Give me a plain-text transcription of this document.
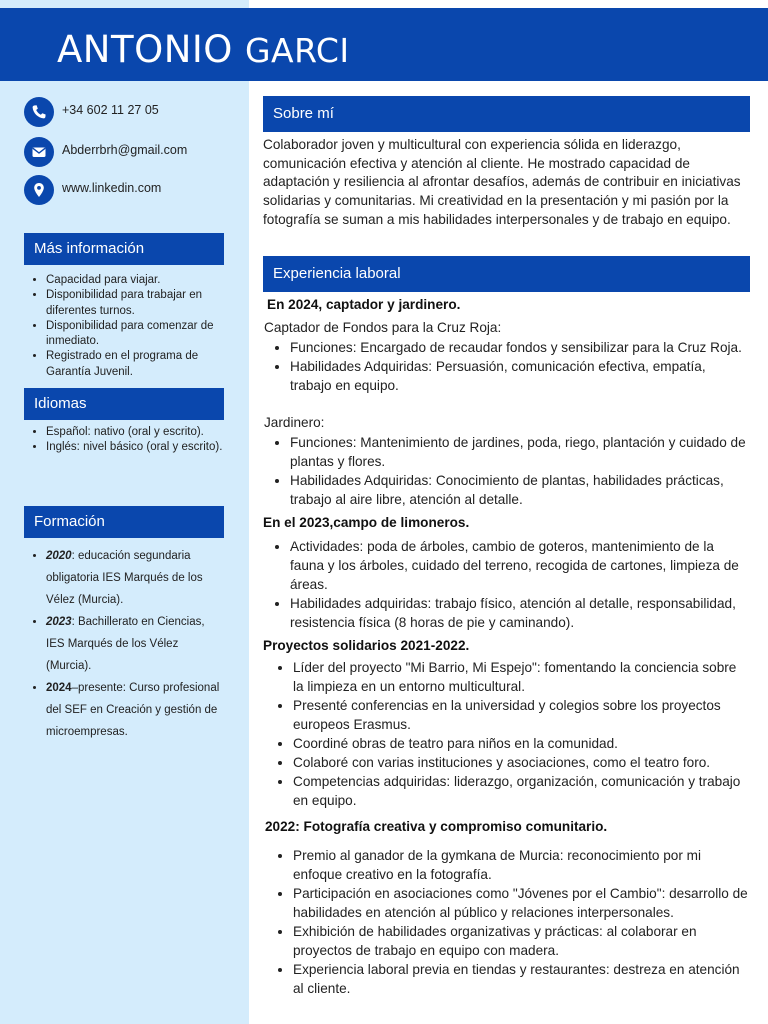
ANTONIO GARCI
+34 602 11 27 05
Abderrbrh@gmail.com
www.linkedin.com
Más información
• Capacidad para viajar.
• Disponibilidad para trabajar en diferentes turnos.
• Disponibilidad para comenzar de inmediato.
• Registrado en el programa de Garantía Juvenil.
Idiomas
• Español: nativo (oral y escrito).
• Inglés: nivel básico (oral y escrito).
Formación
• 2020: educación segundaria obligatoria IES Marqués de los Vélez (Murcia).
• 2023: Bachillerato en Ciencias, IES Marqués de los Vélez (Murcia).
• 2024–presente: Curso profesional del SEF en Creación y gestión de microempresas.
Sobre mí

Colaborador joven y multicultural con experiencia sólida en liderazgo, comunicación efectiva y atención al cliente. He mostrado capacidad de adaptación y resiliencia al afrontar desafíos, además de contribuir en iniciativas solidarias y comunitarias. Mi creatividad en la presentación y mi pasión por la fotografía se suman a mis habilidades interpersonales y de trabajo en equipo.

Experiencia laboral

En 2024, captador y jardinero.

Captador de Fondos para la Cruz Roja:

• Funciones: Encargado de recaudar fondos y sensibilizar para la Cruz Roja.
• Habilidades Adquiridas: Persuasión, comunicación efectiva, empatía, trabajo en equipo.

Jardinero:

• Funciones: Mantenimiento de jardines, poda, riego, plantación y cuidado de plantas y flores.
• Habilidades Adquiridas: Conocimiento de plantas, habilidades prácticas, trabajo al aire libre, atención al detalle.

En el 2023,campo de limoneros.

• Actividades: poda de árboles, cambio de goteros, mantenimiento de la fauna y los árboles, cuidado del terreno, recogida de cartones, limpieza de áreas.
• Habilidades adquiridas: trabajo físico, atención al detalle, responsabilidad, resistencia física (8 horas de pie y caminando).

Proyectos solidarios 2021-2022.

• Líder del proyecto "Mi Barrio, Mi Espejo": fomentando la conciencia sobre la limpieza en un entorno multicultural.
• Presenté conferencias en la universidad y colegios sobre los proyectos europeos Erasmus.
• Coordiné obras de teatro para niños en la comunidad.
• Colaboré con varias instituciones y asociaciones, como el teatro foro.
• Competencias adquiridas: liderazgo, organización, comunicación y trabajo en equipo.

2022: Fotografía creativa y compromiso comunitario.

• Premio al ganador de la gymkana de Murcia: reconocimiento por mi enfoque creativo en la fotografía.
• Participación en asociaciones como "Jóvenes por el Cambio": desarrollo de habilidades en atención al público y relaciones interpersonales.
• Exhibición de habilidades organizativas y prácticas: al colaborar en proyectos de trabajo en equipo con madera.
• Experiencia laboral previa en tiendas y restaurantes: destreza en atención al cliente.
